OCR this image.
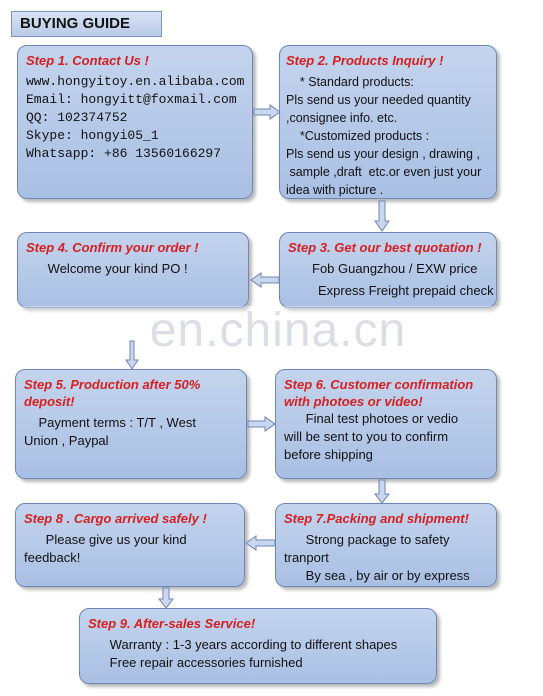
BUYING GUIDE
Step 1. Contact Us !
www.hongyitoy.en.alibaba.com
Email: hongyitt@foxmail.com
QQ: 102374752
Skype: hongyi05_1
Whatsapp: +86 13560166297
Step 2. Products Inquiry !
* Standard products:
Pls send us your needed quantity
,consignee info. etc.
*Customized products :
Pls send us your design , drawing ,
sample ,draft  etc.or even just your
idea with picture .
Step 4. Confirm your order !
Welcome your kind PO !
Step 3. Get our best quotation !
Fob Guangzhou / EXW price
Express Freight prepaid check
Step 5. Production after 50%
deposit!
Payment terms : T/T , West
Union , Paypal
Step 6. Customer confirmation
with photoes or video!
Final test photoes or vedio
will be sent to you to confirm
before shipping
Step 8 . Cargo arrived safely !
Please give us your kind
feedback!
Step 7.Packing and shipment!
Strong package to safety
tranport
By sea , by air or by express
Step 9. After-sales Service!
Warranty : 1-3 years according to different shapes
Free repair accessories furnished
en.china.cn
